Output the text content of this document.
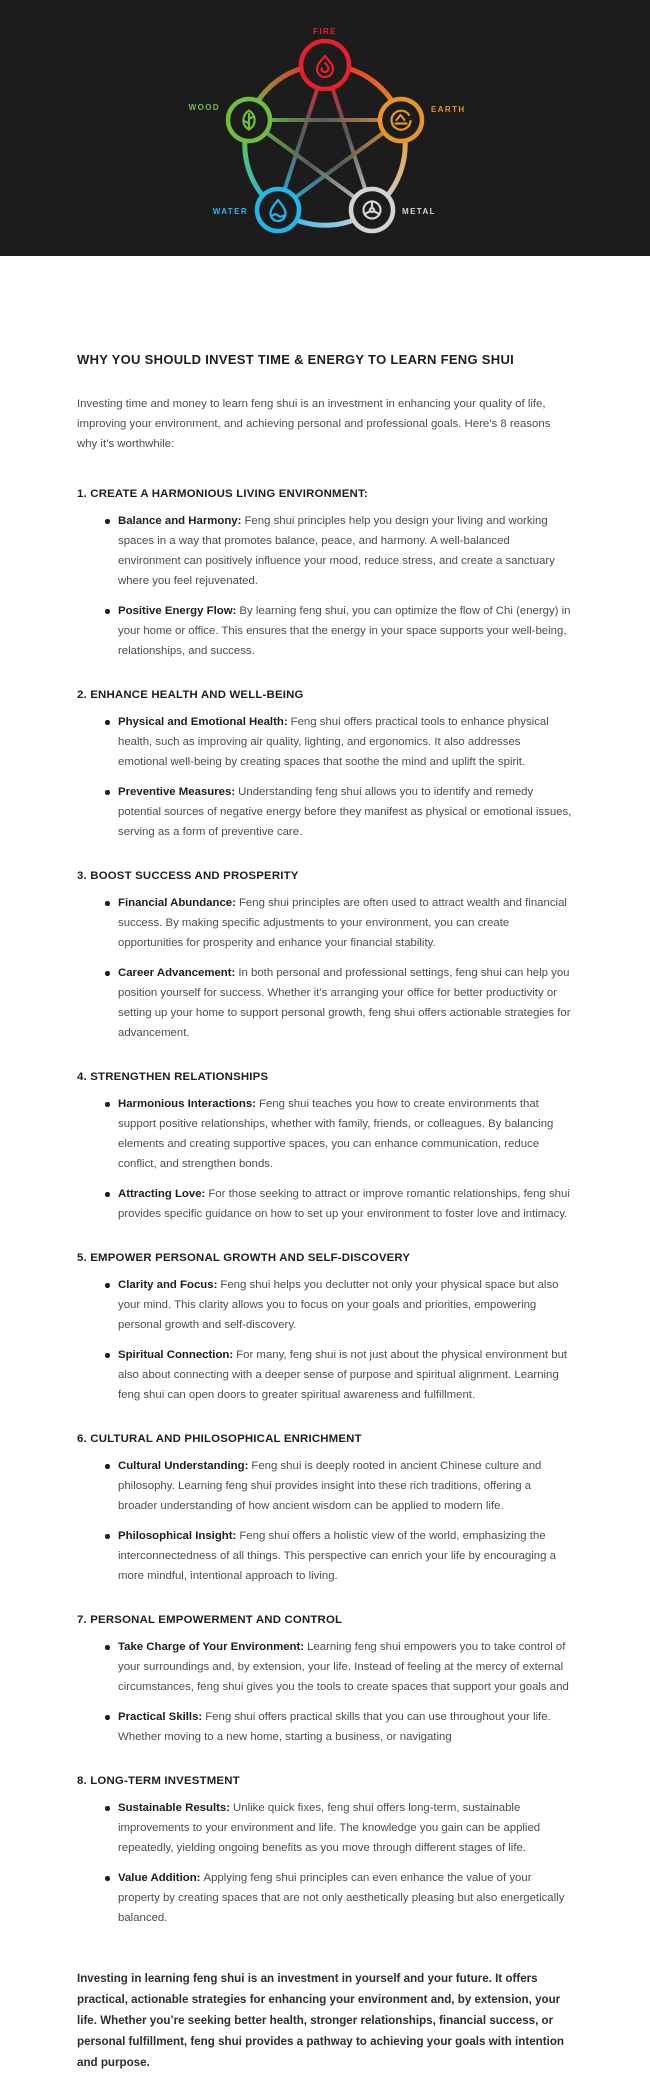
FIRE
EARTH
METAL
WATER
WOOD
WHY YOU SHOULD INVEST TIME & ENERGY TO LEARN FENG SHUI

Investing time and money to learn feng shui is an investment in enhancing your quality of life, improving your environment, and achieving personal and professional goals. Here’s 8 reasons why it’s worthwhile:

1. CREATE A HARMONIOUS LIVING ENVIRONMENT:
Balance and Harmony: Feng shui principles help you design your living and working spaces in a way that promotes balance, peace, and harmony. A well-balanced environment can positively influence your mood, reduce stress, and create a sanctuary where you feel rejuvenated.
Positive Energy Flow: By learning feng shui, you can optimize the flow of Chi (energy) in your home or office. This ensures that the energy in your space supports your well-being, relationships, and success.
2. ENHANCE HEALTH AND WELL-BEING
Physical and Emotional Health: Feng shui offers practical tools to enhance physical health, such as improving air quality, lighting, and ergonomics. It also addresses emotional well-being by creating spaces that soothe the mind and uplift the spirit.
Preventive Measures: Understanding feng shui allows you to identify and remedy potential sources of negative energy before they manifest as physical or emotional issues, serving as a form of preventive care.
3. BOOST SUCCESS AND PROSPERITY
Financial Abundance: Feng shui principles are often used to attract wealth and financial success. By making specific adjustments to your environment, you can create opportunities for prosperity and enhance your financial stability.
Career Advancement: In both personal and professional settings, feng shui can help you position yourself for success. Whether it’s arranging your office for better productivity or setting up your home to support personal growth, feng shui offers actionable strategies for advancement.
4. STRENGTHEN RELATIONSHIPS
Harmonious Interactions: Feng shui teaches you how to create environments that support positive relationships, whether with family, friends, or colleagues. By balancing elements and creating supportive spaces, you can enhance communication, reduce conflict, and strengthen bonds.
Attracting Love: For those seeking to attract or improve romantic relationships, feng shui provides specific guidance on how to set up your environment to foster love and intimacy.
5. EMPOWER PERSONAL GROWTH AND SELF-DISCOVERY
Clarity and Focus: Feng shui helps you declutter not only your physical space but also your mind. This clarity allows you to focus on your goals and priorities, empowering personal growth and self-discovery.
Spiritual Connection: For many, feng shui is not just about the physical environment but also about connecting with a deeper sense of purpose and spiritual alignment. Learning feng shui can open doors to greater spiritual awareness and fulfillment.
6. CULTURAL AND PHILOSOPHICAL ENRICHMENT
Cultural Understanding: Feng shui is deeply rooted in ancient Chinese culture and philosophy. Learning feng shui provides insight into these rich traditions, offering a broader understanding of how ancient wisdom can be applied to modern life.
Philosophical Insight: Feng shui offers a holistic view of the world, emphasizing the interconnectedness of all things. This perspective can enrich your life by encouraging a more mindful, intentional approach to living.
7. PERSONAL EMPOWERMENT AND CONTROL
Take Charge of Your Environment: Learning feng shui empowers you to take control of your surroundings and, by extension, your life. Instead of feeling at the mercy of external circumstances, feng shui gives you the tools to create spaces that support your goals and
Practical Skills: Feng shui offers practical skills that you can use throughout your life. Whether moving to a new home, starting a business, or navigating
8. LONG-TERM INVESTMENT
Sustainable Results: Unlike quick fixes, feng shui offers long-term, sustainable improvements to your environment and life. The knowledge you gain can be applied repeatedly, yielding ongoing benefits as you move through different stages of life.
Value Addition: Applying feng shui principles can even enhance the value of your property by creating spaces that are not only aesthetically pleasing but also energetically balanced.

Investing in learning feng shui is an investment in yourself and your future. It offers practical, actionable strategies for enhancing your environment and, by extension, your life. Whether you’re seeking better health, stronger relationships, financial success, or personal fulfillment, feng shui provides a pathway to achieving your goals with intention and purpose.
